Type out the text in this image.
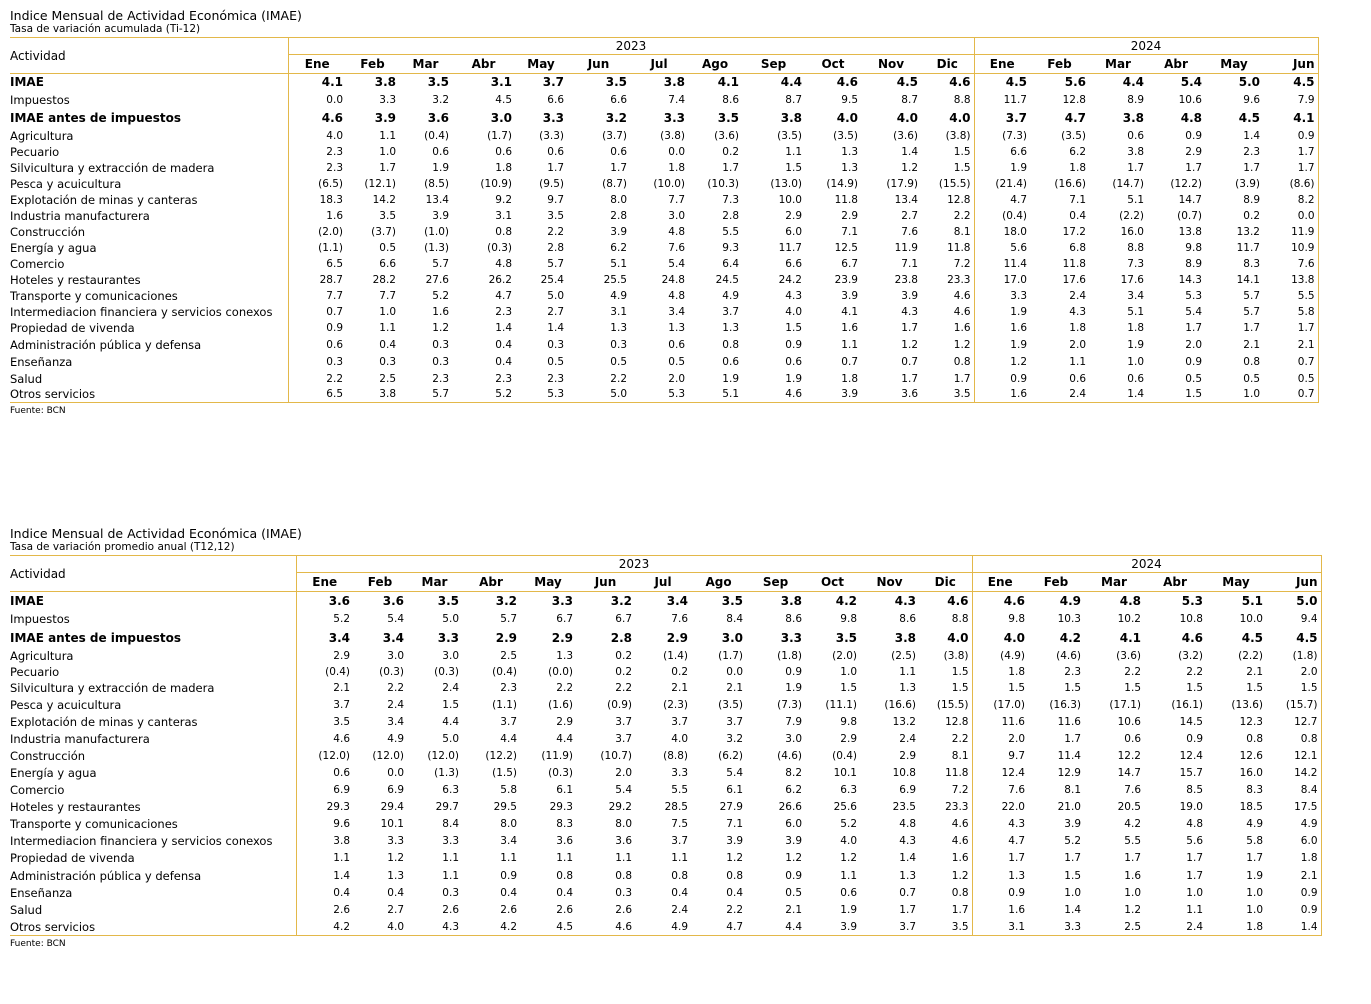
Indice Mensual de Actividad Económica (IMAE)
Tasa de variación acumulada (Ti-12)
Actividad	2023												2024					
	Ene	Feb	Mar	Abr	May	Jun	Jul	Ago	Sep	Oct	Nov	Dic	Ene	Feb	Mar	Abr	May	Jun
IMAE	4.1	3.8	3.5	3.1	3.7	3.5	3.8	4.1	4.4	4.6	4.5	4.6	4.5	5.6	4.4	5.4	5.0	4.5
Impuestos	0.0	3.3	3.2	4.5	6.6	6.6	7.4	8.6	8.7	9.5	8.7	8.8	11.7	12.8	8.9	10.6	9.6	7.9
IMAE antes de impuestos	4.6	3.9	3.6	3.0	3.3	3.2	3.3	3.5	3.8	4.0	4.0	4.0	3.7	4.7	3.8	4.8	4.5	4.1
Agricultura	4.0	1.1	(0.4)	(1.7)	(3.3)	(3.7)	(3.8)	(3.6)	(3.5)	(3.5)	(3.6)	(3.8)	(7.3)	(3.5)	0.6	0.9	1.4	0.9
Pecuario	2.3	1.0	0.6	0.6	0.6	0.6	0.0	0.2	1.1	1.3	1.4	1.5	6.6	6.2	3.8	2.9	2.3	1.7
Silvicultura y extracción de madera	2.3	1.7	1.9	1.8	1.7	1.7	1.8	1.7	1.5	1.3	1.2	1.5	1.9	1.8	1.7	1.7	1.7	1.7
Pesca y acuicultura	(6.5)	(12.1)	(8.5)	(10.9)	(9.5)	(8.7)	(10.0)	(10.3)	(13.0)	(14.9)	(17.9)	(15.5)	(21.4)	(16.6)	(14.7)	(12.2)	(3.9)	(8.6)
Explotación de minas y canteras	18.3	14.2	13.4	9.2	9.7	8.0	7.7	7.3	10.0	11.8	13.4	12.8	4.7	7.1	5.1	14.7	8.9	8.2
Industria manufacturera	1.6	3.5	3.9	3.1	3.5	2.8	3.0	2.8	2.9	2.9	2.7	2.2	(0.4)	0.4	(2.2)	(0.7)	0.2	0.0
Construcción	(2.0)	(3.7)	(1.0)	0.8	2.2	3.9	4.8	5.5	6.0	7.1	7.6	8.1	18.0	17.2	16.0	13.8	13.2	11.9
Energía y agua	(1.1)	0.5	(1.3)	(0.3)	2.8	6.2	7.6	9.3	11.7	12.5	11.9	11.8	5.6	6.8	8.8	9.8	11.7	10.9
Comercio	6.5	6.6	5.7	4.8	5.7	5.1	5.4	6.4	6.6	6.7	7.1	7.2	11.4	11.8	7.3	8.9	8.3	7.6
Hoteles y restaurantes	28.7	28.2	27.6	26.2	25.4	25.5	24.8	24.5	24.2	23.9	23.8	23.3	17.0	17.6	17.6	14.3	14.1	13.8
Transporte y comunicaciones	7.7	7.7	5.2	4.7	5.0	4.9	4.8	4.9	4.3	3.9	3.9	4.6	3.3	2.4	3.4	5.3	5.7	5.5
Intermediacion financiera y servicios conexos	0.7	1.0	1.6	2.3	2.7	3.1	3.4	3.7	4.0	4.1	4.3	4.6	1.9	4.3	5.1	5.4	5.7	5.8
Propiedad de vivenda	0.9	1.1	1.2	1.4	1.4	1.3	1.3	1.3	1.5	1.6	1.7	1.6	1.6	1.8	1.8	1.7	1.7	1.7
Administración pública y defensa	0.6	0.4	0.3	0.4	0.3	0.3	0.6	0.8	0.9	1.1	1.2	1.2	1.9	2.0	1.9	2.0	2.1	2.1
Enseñanza	0.3	0.3	0.3	0.4	0.5	0.5	0.5	0.6	0.6	0.7	0.7	0.8	1.2	1.1	1.0	0.9	0.8	0.7
Salud	2.2	2.5	2.3	2.3	2.3	2.2	2.0	1.9	1.9	1.8	1.7	1.7	0.9	0.6	0.6	0.5	0.5	0.5
Otros servicios	6.5	3.8	5.7	5.2	5.3	5.0	5.3	5.1	4.6	3.9	3.6	3.5	1.6	2.4	1.4	1.5	1.0	0.7
Fuente: BCN
Indice Mensual de Actividad Económica (IMAE)
Tasa de variación promedio anual (T12,12)
Actividad	2023												2024					
	Ene	Feb	Mar	Abr	May	Jun	Jul	Ago	Sep	Oct	Nov	Dic	Ene	Feb	Mar	Abr	May	Jun
IMAE	3.6	3.6	3.5	3.2	3.3	3.2	3.4	3.5	3.8	4.2	4.3	4.6	4.6	4.9	4.8	5.3	5.1	5.0
Impuestos	5.2	5.4	5.0	5.7	6.7	6.7	7.6	8.4	8.6	9.8	8.6	8.8	9.8	10.3	10.2	10.8	10.0	9.4
IMAE antes de impuestos	3.4	3.4	3.3	2.9	2.9	2.8	2.9	3.0	3.3	3.5	3.8	4.0	4.0	4.2	4.1	4.6	4.5	4.5
Agricultura	2.9	3.0	3.0	2.5	1.3	0.2	(1.4)	(1.7)	(1.8)	(2.0)	(2.5)	(3.8)	(4.9)	(4.6)	(3.6)	(3.2)	(2.2)	(1.8)
Pecuario	(0.4)	(0.3)	(0.3)	(0.4)	(0.0)	0.2	0.2	0.0	0.9	1.0	1.1	1.5	1.8	2.3	2.2	2.2	2.1	2.0
Silvicultura y extracción de madera	2.1	2.2	2.4	2.3	2.2	2.2	2.1	2.1	1.9	1.5	1.3	1.5	1.5	1.5	1.5	1.5	1.5	1.5
Pesca y acuicultura	3.7	2.4	1.5	(1.1)	(1.6)	(0.9)	(2.3)	(3.5)	(7.3)	(11.1)	(16.6)	(15.5)	(17.0)	(16.3)	(17.1)	(16.1)	(13.6)	(15.7)
Explotación de minas y canteras	3.5	3.4	4.4	3.7	2.9	3.7	3.7	3.7	7.9	9.8	13.2	12.8	11.6	11.6	10.6	14.5	12.3	12.7
Industria manufacturera	4.6	4.9	5.0	4.4	4.4	3.7	4.0	3.2	3.0	2.9	2.4	2.2	2.0	1.7	0.6	0.9	0.8	0.8
Construcción	(12.0)	(12.0)	(12.0)	(12.2)	(11.9)	(10.7)	(8.8)	(6.2)	(4.6)	(0.4)	2.9	8.1	9.7	11.4	12.2	12.4	12.6	12.1
Energía y agua	0.6	0.0	(1.3)	(1.5)	(0.3)	2.0	3.3	5.4	8.2	10.1	10.8	11.8	12.4	12.9	14.7	15.7	16.0	14.2
Comercio	6.9	6.9	6.3	5.8	6.1	5.4	5.5	6.1	6.2	6.3	6.9	7.2	7.6	8.1	7.6	8.5	8.3	8.4
Hoteles y restaurantes	29.3	29.4	29.7	29.5	29.3	29.2	28.5	27.9	26.6	25.6	23.5	23.3	22.0	21.0	20.5	19.0	18.5	17.5
Transporte y comunicaciones	9.6	10.1	8.4	8.0	8.3	8.0	7.5	7.1	6.0	5.2	4.8	4.6	4.3	3.9	4.2	4.8	4.9	4.9
Intermediacion financiera y servicios conexos	3.8	3.3	3.3	3.4	3.6	3.6	3.7	3.9	3.9	4.0	4.3	4.6	4.7	5.2	5.5	5.6	5.8	6.0
Propiedad de vivenda	1.1	1.2	1.1	1.1	1.1	1.1	1.1	1.2	1.2	1.2	1.4	1.6	1.7	1.7	1.7	1.7	1.7	1.8
Administración pública y defensa	1.4	1.3	1.1	0.9	0.8	0.8	0.8	0.8	0.9	1.1	1.3	1.2	1.3	1.5	1.6	1.7	1.9	2.1
Enseñanza	0.4	0.4	0.3	0.4	0.4	0.3	0.4	0.4	0.5	0.6	0.7	0.8	0.9	1.0	1.0	1.0	1.0	0.9
Salud	2.6	2.7	2.6	2.6	2.6	2.6	2.4	2.2	2.1	1.9	1.7	1.7	1.6	1.4	1.2	1.1	1.0	0.9
Otros servicios	4.2	4.0	4.3	4.2	4.5	4.6	4.9	4.7	4.4	3.9	3.7	3.5	3.1	3.3	2.5	2.4	1.8	1.4
Fuente: BCN
